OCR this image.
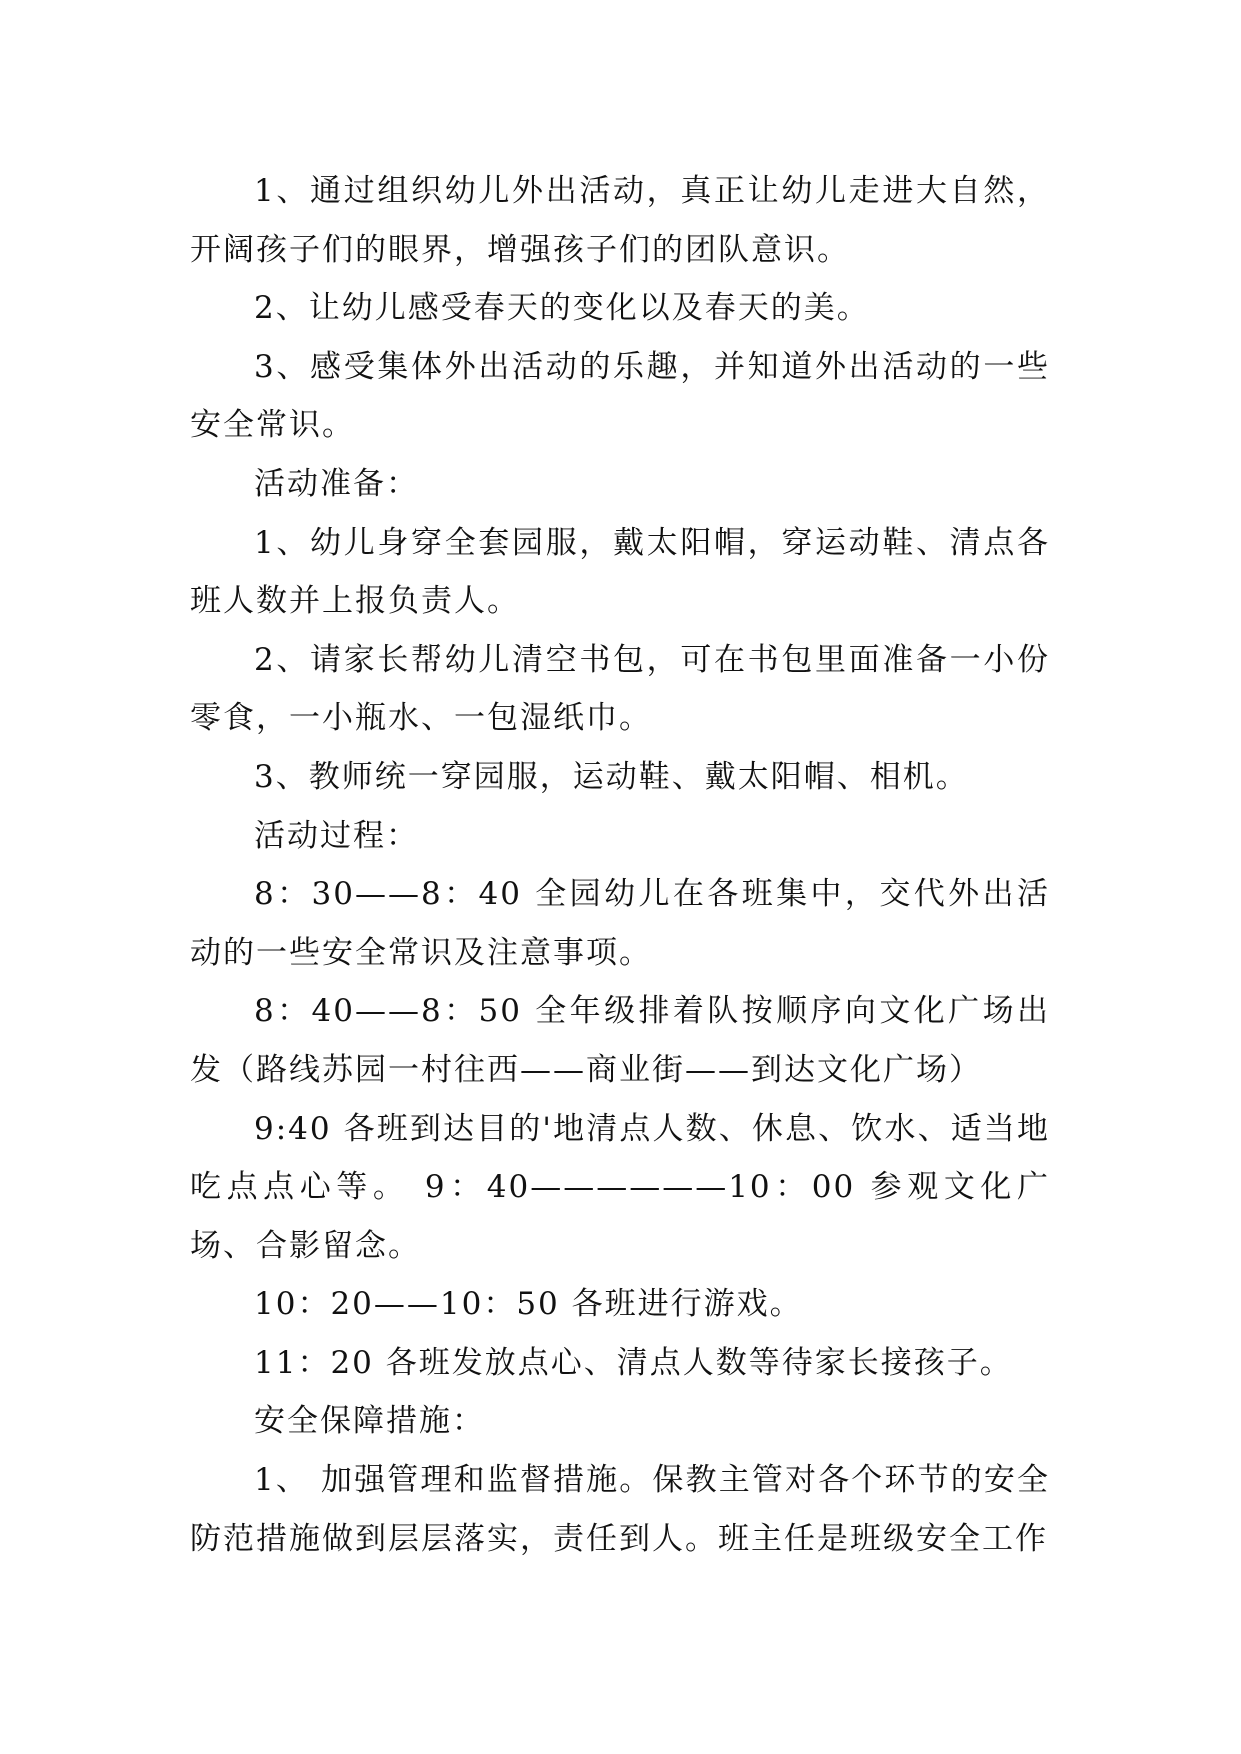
1、通过组织幼儿外出活动，真正让幼儿走进大自然，开阔孩子们的眼界，增强孩子们的团队意识。

2、让幼儿感受春天的变化以及春天的美。

3、感受集体外出活动的乐趣，并知道外出活动的一些安全常识。

活动准备：

1、幼儿身穿全套园服，戴太阳帽，穿运动鞋、清点各班人数并上报负责人。

2、请家长帮幼儿清空书包，可在书包里面准备一小份零食，一小瓶水、一包湿纸巾。

3、教师统一穿园服，运动鞋、戴太阳帽、相机。

活动过程：

8：30——8：40 全园幼儿在各班集中，交代外出活动的一些安全常识及注意事项。

8：40——8：50 全年级排着队按顺序向文化广场出发（路线苏园一村往西——商业街——到达文化广场）

9:40 各班到达目的'地清点人数、休息、饮水、适当地吃点点心等。 9：40——————10：00 参观文化广场、合影留念。

10：20——10：50 各班进行游戏。

11：20 各班发放点心、清点人数等待家长接孩子。

安全保障措施：

1、 加强管理和监督措施。保教主管对各个环节的安全防范措施做到层层落实，责任到人。班主任是班级安全工作
